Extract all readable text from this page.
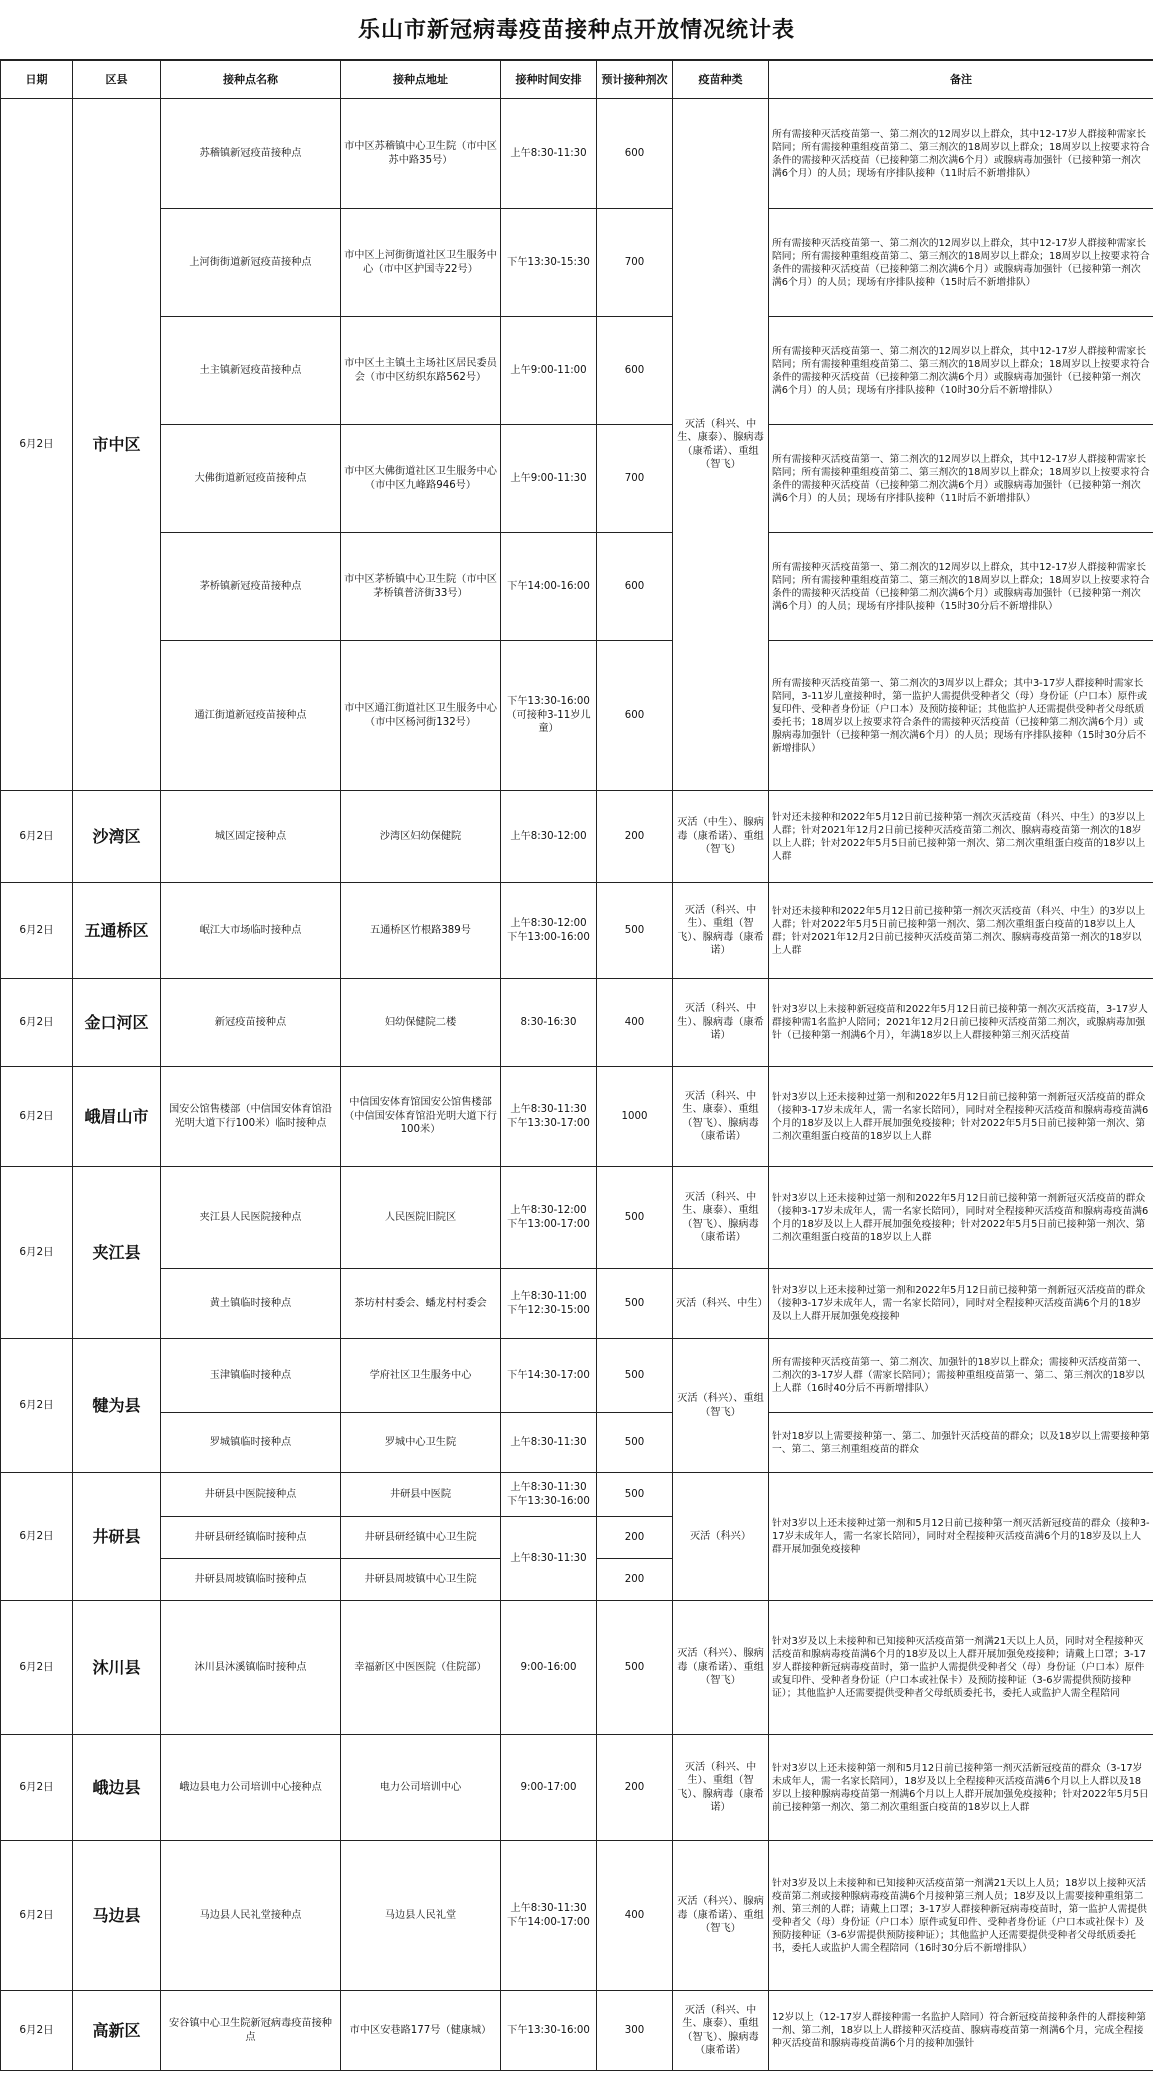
乐山市新冠病毒疫苗接种点开放情况统计表
日期	区县	接种点名称	接种点地址	接种时间安排	预计接种剂次	疫苗种类	备注
6月2日	市中区	苏稽镇新冠疫苗接种点	市中区苏稽镇中心卫生院（市中区苏中路35号）	上午8:30-11:30	600	灭活（科兴、中生、康泰）、腺病毒（康希诺）、重组（智飞）	所有需接种灭活疫苗第一、第二剂次的12周岁以上群众，其中12-17岁人群接种需家长陪同；所有需接种重组疫苗第二、第三剂次的18周岁以上群众；18周岁以上按要求符合条件的需接种灭活疫苗（已接种第二剂次满6个月）或腺病毒加强针（已接种第一剂次满6个月）的人员；现场有序排队接种（11时后不新增排队）
		上河街街道新冠疫苗接种点	市中区上河街街道社区卫生服务中心（市中区护国寺22号）	下午13:30-15:30	700		所有需接种灭活疫苗第一、第二剂次的12周岁以上群众，其中12-17岁人群接种需家长陪同；所有需接种重组疫苗第二、第三剂次的18周岁以上群众；18周岁以上按要求符合条件的需接种灭活疫苗（已接种第二剂次满6个月）或腺病毒加强针（已接种第一剂次满6个月）的人员；现场有序排队接种（15时后不新增排队）
		土主镇新冠疫苗接种点	市中区土主镇土主场社区居民委员会（市中区纺织东路562号）	上午9:00-11:00	600		所有需接种灭活疫苗第一、第二剂次的12周岁以上群众，其中12-17岁人群接种需家长陪同；所有需接种重组疫苗第二、第三剂次的18周岁以上群众；18周岁以上按要求符合条件的需接种灭活疫苗（已接种第二剂次满6个月）或腺病毒加强针（已接种第一剂次满6个月）的人员；现场有序排队接种（10时30分后不新增排队）
		大佛街道新冠疫苗接种点	市中区大佛街道社区卫生服务中心（市中区九峰路946号）	上午9:00-11:30	700		所有需接种灭活疫苗第一、第二剂次的12周岁以上群众，其中12-17岁人群接种需家长陪同；所有需接种重组疫苗第二、第三剂次的18周岁以上群众；18周岁以上按要求符合条件的需接种灭活疫苗（已接种第二剂次满6个月）或腺病毒加强针（已接种第一剂次满6个月）的人员；现场有序排队接种（11时后不新增排队）
		茅桥镇新冠疫苗接种点	市中区茅桥镇中心卫生院（市中区茅桥镇普济街33号）	下午14:00-16:00	600		所有需接种灭活疫苗第一、第二剂次的12周岁以上群众，其中12-17岁人群接种需家长陪同；所有需接种重组疫苗第二、第三剂次的18周岁以上群众；18周岁以上按要求符合条件的需接种灭活疫苗（已接种第二剂次满6个月）或腺病毒加强针（已接种第一剂次满6个月）的人员；现场有序排队接种（15时30分后不新增排队）
		通江街道新冠疫苗接种点	市中区通江街道社区卫生服务中心（市中区杨河街132号）	下午13:30-16:00（可接种3-11岁儿童）	600		所有需接种灭活疫苗第一、第二剂次的3周岁以上群众；其中3-17岁人群接种时需家长陪同，3-11岁儿童接种时，第一监护人需提供受种者父（母）身份证（户口本）原件或复印件、受种者身份证（户口本）及预防接种证；其他监护人还需提供受种者父母纸质委托书；18周岁以上按要求符合条件的需接种灭活疫苗（已接种第二剂次满6个月）或腺病毒加强针（已接种第一剂次满6个月）的人员；现场有序排队接种（15时30分后不新增排队）
6月2日	沙湾区	城区固定接种点	沙湾区妇幼保健院	上午8:30-12:00	200	灭活（中生）、腺病毒（康希诺）、重组（智飞）	针对还未接种和2022年5月12日前已接种第一剂次灭活疫苗（科兴、中生）的3岁以上人群；针对2021年12月2日前已接种灭活疫苗第二剂次、腺病毒疫苗第一剂次的18岁以上人群；针对2022年5月5日前已接种第一剂次、第二剂次重组蛋白疫苗的18岁以上人群
6月2日	五通桥区	岷江大市场临时接种点	五通桥区竹根路389号	上午8:30-12:00 下午13:00-16:00	500	灭活（科兴、中生）、重组（智飞）、腺病毒（康希诺）	针对还未接种和2022年5月12日前已接种第一剂次灭活疫苗（科兴、中生）的3岁以上人群；针对2022年5月5日前已接种第一剂次、第二剂次重组蛋白疫苗的18岁以上人群；针对2021年12月2日前已接种灭活疫苗第二剂次、腺病毒疫苗第一剂次的18岁以上人群
6月2日	金口河区	新冠疫苗接种点	妇幼保健院二楼	8:30-16:30	400	灭活（科兴、中生）、腺病毒（康希诺）	针对3岁以上未接种新冠疫苗和2022年5月12日前已接种第一剂次灭活疫苗，3-17岁人群接种需1名监护人陪同；2021年12月2日前已接种灭活疫苗第二剂次，或腺病毒加强针（已接种第一剂满6个月），年满18岁以上人群接种第三剂灭活疫苗
6月2日	峨眉山市	国安公馆售楼部（中信国安体育馆沿光明大道下行100米）临时接种点	中信国安体育馆国安公馆售楼部（中信国安体育馆沿光明大道下行100米）	上午8:30-11:30 下午13:30-17:00	1000	灭活（科兴、中生、康泰）、重组（智飞）、腺病毒（康希诺）	针对3岁以上还未接种过第一剂和2022年5月12日前已接种第一剂新冠灭活疫苗的群众（接种3-17岁未成年人，需一名家长陪同），同时对全程接种灭活疫苗和腺病毒疫苗满6个月的18岁及以上人群开展加强免疫接种；针对2022年5月5日前已接种第一剂次、第二剂次重组蛋白疫苗的18岁以上人群
6月2日	夹江县	夹江县人民医院接种点	人民医院旧院区	上午8:30-12:00 下午13:00-17:00	500	灭活（科兴、中生、康泰）、重组（智飞）、腺病毒（康希诺）	针对3岁以上还未接种过第一剂和2022年5月12日前已接种第一剂新冠灭活疫苗的群众（接种3-17岁未成年人，需一名家长陪同），同时对全程接种灭活疫苗和腺病毒疫苗满6个月的18岁及以上人群开展加强免疫接种；针对2022年5月5日前已接种第一剂次、第二剂次重组蛋白疫苗的18岁以上人群
		黄土镇临时接种点	茶坊村村委会、蟠龙村村委会	上午8:30-11:00 下午12:30-15:00	500	灭活（科兴、中生）	针对3岁以上还未接种过第一剂和2022年5月12日前已接种第一剂新冠灭活疫苗的群众（接种3-17岁未成年人，需一名家长陪同），同时对全程接种灭活疫苗满6个月的18岁及以上人群开展加强免疫接种
6月2日	犍为县	玉津镇临时接种点	学府社区卫生服务中心	下午14:30-17:00	500	灭活（科兴）、重组（智飞）	所有需接种灭活疫苗第一、第二剂次、加强针的18岁以上群众；需接种灭活疫苗第一、二剂次的3-17岁人群（需家长陪同）；需接种重组疫苗第一、第二、第三剂次的18岁以上人群（16时40分后不再新增排队）
		罗城镇临时接种点	罗城中心卫生院	上午8:30-11:30	500		针对18岁以上需要接种第一、第二、加强针灭活疫苗的群众；以及18岁以上需要接种第一、第二、第三剂重组疫苗的群众
6月2日	井研县	井研县中医院接种点	井研县中医院	上午8:30-11:30 下午13:30-16:00	500	灭活（科兴）	针对3岁以上还未接种过第一剂和5月12日前已接种第一剂灭活新冠疫苗的群众（接种3-17岁未成年人，需一名家长陪同），同时对全程接种灭活疫苗满6个月的18岁及以上人群开展加强免疫接种
		井研县研经镇临时接种点	井研县研经镇中心卫生院	上午8:30-11:30	200		
		井研县周坡镇临时接种点	井研县周坡镇中心卫生院		200		
6月2日	沐川县	沐川县沐溪镇临时接种点	幸福新区中医医院（住院部）	9:00-16:00	500	灭活（科兴）、腺病毒（康希诺）、重组（智飞）	针对3岁及以上未接种和已知接种灭活疫苗第一剂满21天以上人员，同时对全程接种灭活疫苗和腺病毒疫苗满6个月的18岁及以上人群开展加强免疫接种；请戴上口罩；3-17岁人群接种新冠病毒疫苗时，第一监护人需提供受种者父（母）身份证（户口本）原件或复印件、受种者身份证（户口本或社保卡）及预防接种证（3-6岁需提供预防接种证）；其他监护人还需要提供受种者父母纸质委托书，委托人或监护人需全程陪同
6月2日	峨边县	峨边县电力公司培训中心接种点	电力公司培训中心	9:00-17:00	200	灭活（科兴、中生）、重组（智飞）、腺病毒（康希诺）	针对3岁以上还未接种第一剂和5月12日前已接种第一剂灭活新冠疫苗的群众（3-17岁未成年人，需一名家长陪同），18岁及以上全程接种灭活疫苗满6个月以上人群以及18岁以上接种腺病毒疫苗第一剂满6个月以上人群开展加强免疫接种；针对2022年5月5日前已接种第一剂次、第二剂次重组蛋白疫苗的18岁以上人群
6月2日	马边县	马边县人民礼堂接种点	马边县人民礼堂	上午8:30-11:30 下午14:00-17:00	400	灭活（科兴）、腺病毒（康希诺）、重组（智飞）	针对3岁及以上未接种和已知接种灭活疫苗第一剂满21天以上人员；18岁以上接种灭活疫苗第二剂或接种腺病毒疫苗满6个月接种第三剂人员；18岁及以上需要接种重组第二剂、第三剂的人群；请戴上口罩；3-17岁人群接种新冠病毒疫苗时，第一监护人需提供受种者父（母）身份证（户口本）原件或复印件、受种者身份证（户口本或社保卡）及预防接种证（3-6岁需提供预防接种证）；其他监护人还需要提供受种者父母纸质委托书，委托人或监护人需全程陪同（16时30分后不新增排队）
6月2日	高新区	安谷镇中心卫生院新冠病毒疫苗接种点	市中区安巷路177号（健康城）	下午13:30-16:00	300	灭活（科兴、中生、康泰）、重组（智飞）、腺病毒（康希诺）	12岁以上（12-17岁人群接种需一名监护人陪同）符合新冠疫苗接种条件的人群接种第一剂、第二剂，18岁以上人群接种灭活疫苗、腺病毒疫苗第一剂满6个月，完成全程接种灭活疫苗和腺病毒疫苗满6个月的接种加强针
